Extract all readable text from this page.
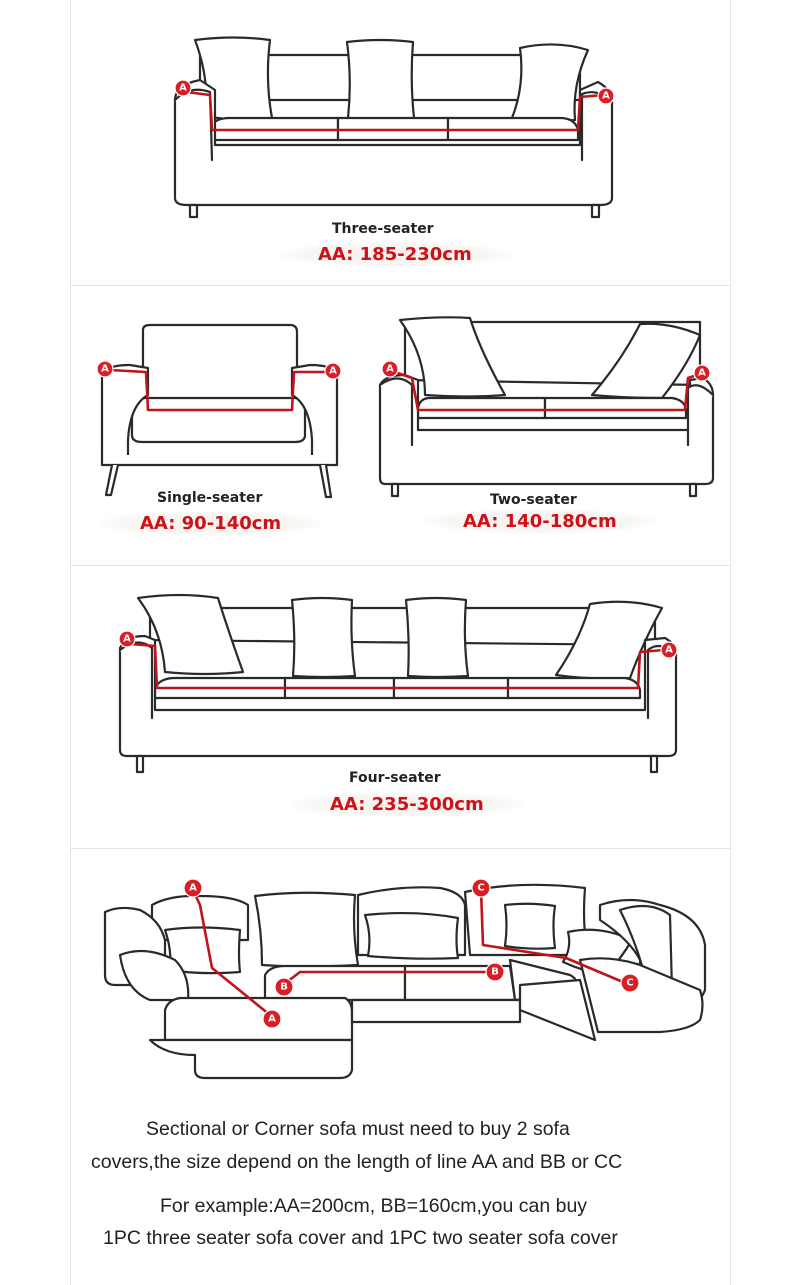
A
A
Three-seater
AA: 185-230cm
A	A
Single-seater
AA: 90-140cm
A	A
Two-seater
AA: 140-180cm
A
A
Four-seater
AA: 235-300cm
A
A
B
B
C
C
Sectional or Corner sofa must need to buy 2 sofa
covers,the size depend on the length of line AA and BB or CC
For example:AA=200cm, BB=160cm,you can buy
1PC three seater sofa cover and 1PC two seater sofa cover
